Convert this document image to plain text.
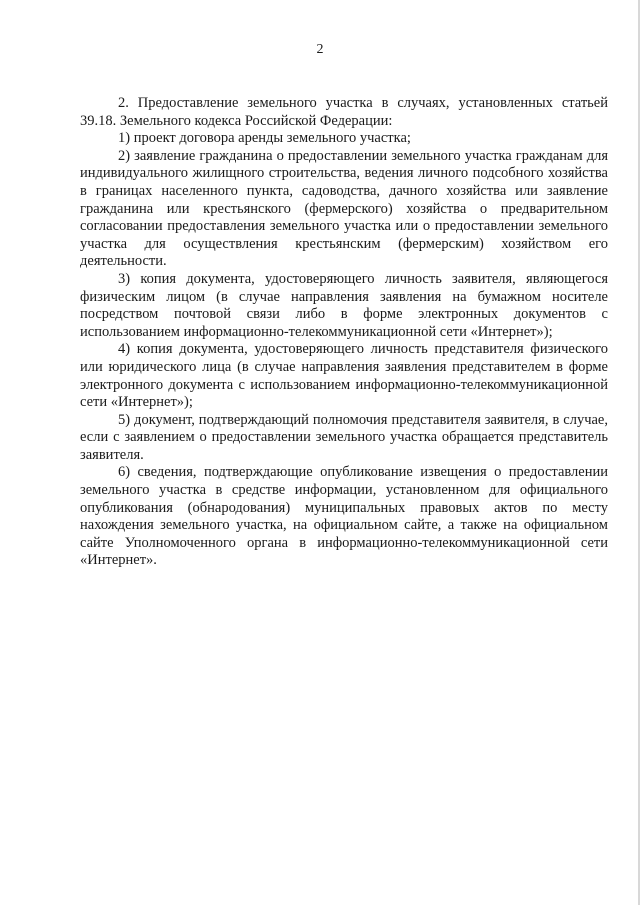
2

2. Предоставление земельного участка в случаях, установленных статьей 39.18. Земельного кодекса Российской Федерации:

1) проект договора аренды земельного участка;

2) заявление гражданина о предоставлении земельного участка гражданам для индивидуального жилищного строительства, ведения личного подсобного хозяйства в границах населенного пункта, садоводства, дачного хозяйства или заявление гражданина или крестьянского (фермерского) хозяйства о предварительном согласовании предоставления земельного участка или о предоставлении земельного участка для осуществления крестьянским (фермерским) хозяйством его деятельности.

3) копия документа, удостоверяющего личность заявителя, являющегося физическим лицом (в случае направления заявления на бумажном носителе посредством почтовой связи либо в форме электронных документов с использованием информационно-телекоммуникационной сети «Интернет»);

4) копия документа, удостоверяющего личность представителя физического или юридического лица (в случае направления заявления представителем в форме электронного документа с использованием информационно-телекоммуникационной сети «Интернет»);

5) документ, подтверждающий полномочия представителя заявителя, в случае, если с заявлением о предоставлении земельного участка обращается представитель заявителя.

6) сведения, подтверждающие опубликование извещения о предоставлении земельного участка в средстве информации, установленном для официального опубликования (обнародования) муниципальных правовых актов по месту нахождения земельного участка, на официальном сайте, а также на официальном сайте Уполномоченного органа в информационно-телекоммуникационной сети «Интернет».
